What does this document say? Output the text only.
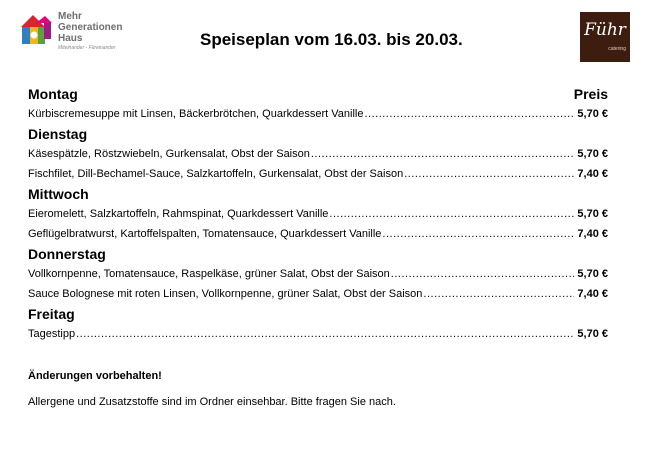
Mehr
Generationen
Haus
Miteinander - Füreinander	Speiseplan vom 16.03. bis 20.03.	Führ
catering
Montag	Preis
Kürbiscremesuppe mit Linsen, Bäckerbrötchen, Quarkdessert Vanille .....	5,70 €
Dienstag
Käsespätzle, Röstzwiebeln, Gurkensalat, Obst der Saison .....	5,70 €
Fischfilet, Dill-Bechamel-Sauce, Salzkartoffeln, Gurkensalat, Obst der Saison .....	7,40 €
Mittwoch
Eieromelett, Salzkartoffeln, Rahmspinat, Quarkdessert Vanille .....	5,70 €
Geflügelbratwurst, Kartoffelspalten, Tomatensauce, Quarkdessert Vanille .....	7,40 €
Donnerstag
Vollkornpenne, Tomatensauce, Raspelkäse, grüner Salat, Obst der Saison .....	5,70 €
Sauce Bolognese mit roten Linsen, Vollkornpenne, grüner Salat, Obst der Saison .....	7,40 €
Freitag
Tagestipp .....	5,70 €
Änderungen vorbehalten!
Allergene und Zusatzstoffe sind im Ordner einsehbar. Bitte fragen Sie nach.
